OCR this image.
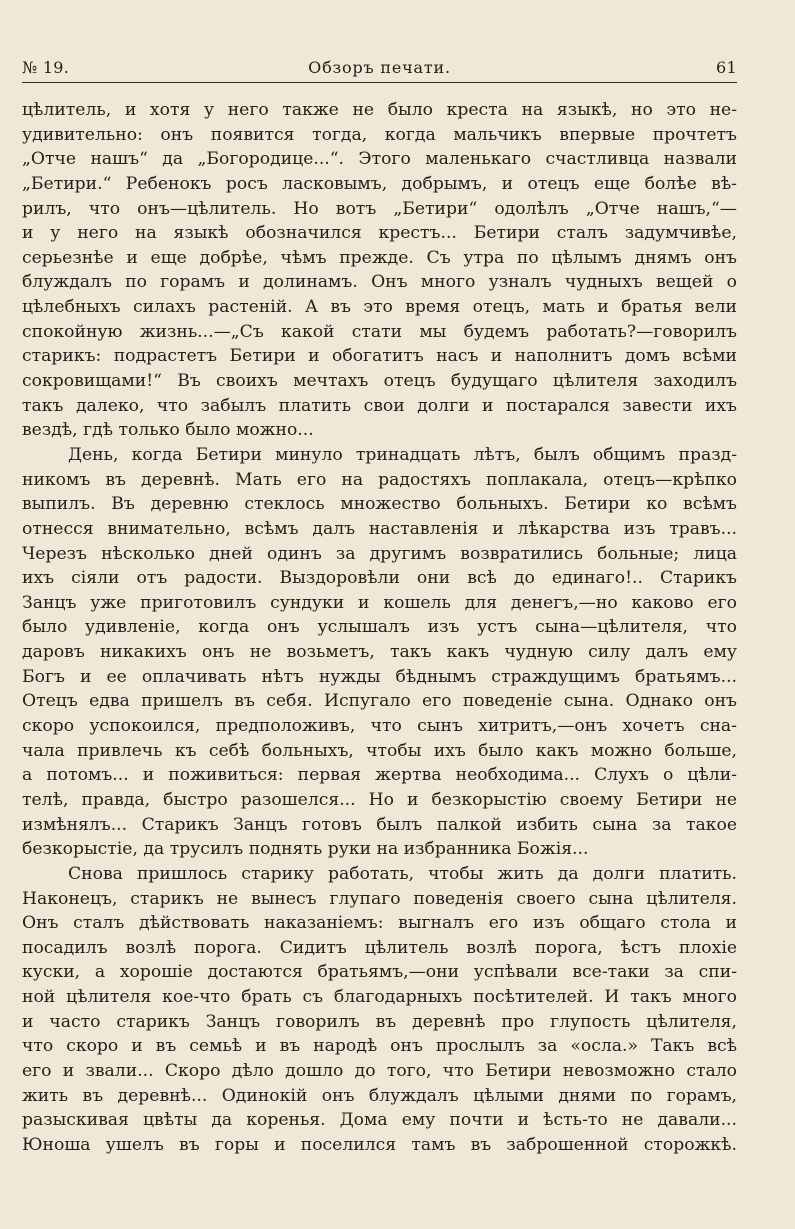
№ 19.	Обзоръ печати.	61
цѣлитель, и хотя у него также не было креста на языкѣ, но это не-
удивительно: онъ появится тогда, когда мальчикъ впервые прочтетъ
„Отче нашъ“ да „Богородице...“. Этого маленькаго счастливца назвали
„Бетири.“ Ребенокъ росъ ласковымъ, добрымъ, и отецъ еще болѣе вѣ-
рилъ, что онъ—цѣлитель. Но вотъ „Бетири“ одолѣлъ „Отче нашъ,“—
и у него на языкѣ обозначился крестъ... Бетири сталъ задумчивѣе,
серьезнѣе и еще добрѣе, чѣмъ прежде. Съ утра по цѣлымъ днямъ онъ
блуждалъ по горамъ и долинамъ. Онъ много узналъ чудныхъ вещей о
цѣлебныхъ силахъ растеній. А въ это время отецъ, мать и братья вели
спокойную жизнь...—„Съ какой стати мы будемъ работать?—говорилъ
старикъ: подрастетъ Бетири и обогатитъ насъ и наполнитъ домъ всѣми
сокровищами!“ Въ своихъ мечтахъ отецъ будущаго цѣлителя заходилъ
такъ далеко, что забылъ платить свои долги и постарался завести ихъ
вездѣ, гдѣ только было можно...
День, когда Бетири минуло тринадцать лѣтъ, былъ общимъ празд-
никомъ въ деревнѣ. Мать его на радостяхъ поплакала, отецъ—крѣпко
выпилъ. Въ деревню стеклось множество больныхъ. Бетири ко всѣмъ
отнесся внимательно, всѣмъ далъ наставленія и лѣкарства изъ травъ...
Черезъ нѣсколько дней одинъ за другимъ возвратились больные; лица
ихъ сіяли отъ радости. Выздоровѣли они всѣ до единаго!.. Старикъ
Занцъ уже приготовилъ сундуки и кошель для денегъ,—но каково его
было удивленіе, когда онъ услышалъ изъ устъ сына—цѣлителя, что
даровъ никакихъ онъ не возьметъ, такъ какъ чудную силу далъ ему
Богъ и ее оплачивать нѣтъ нужды бѣднымъ страждущимъ братьямъ...
Отецъ едва пришелъ въ себя. Испугало его поведеніе сына. Однако онъ
скоро успокоился, предположивъ, что сынъ хитритъ,—онъ хочетъ сна-
чала привлечь къ себѣ больныхъ, чтобы ихъ было какъ можно больше,
а потомъ... и поживиться: первая жертва необходима... Слухъ о цѣли-
телѣ, правда, быстро разошелся... Но и безкорыстію своему Бетири не
измѣнялъ... Старикъ Занцъ готовъ былъ палкой избить сына за такое
безкорыстіе, да трусилъ поднять руки на избранника Божія...
Снова пришлось старику работать, чтобы жить да долги платить.
Наконецъ, старикъ не вынесъ глупаго поведенія своего сына цѣлителя.
Онъ сталъ дѣйствовать наказаніемъ: выгналъ его изъ общаго стола и
посадилъ возлѣ порога. Сидитъ цѣлитель возлѣ порога, ѣстъ плохіе
куски, а хорошіе достаются братьямъ,—они успѣвали все-таки за спи-
ной цѣлителя кое-что брать съ благодарныхъ посѣтителей. И такъ много
и часто старикъ Занцъ говорилъ въ деревнѣ про глупость цѣлителя,
что скоро и въ семьѣ и въ народѣ онъ прослылъ за «осла.» Такъ всѣ
его и звали... Скоро дѣло дошло до того, что Бетири невозможно стало
жить въ деревнѣ... Одинокій онъ блуждалъ цѣлыми днями по горамъ,
разыскивая цвѣты да коренья. Дома ему почти и ѣсть-то не давали...
Юноша ушелъ въ горы и поселился тамъ въ заброшенной сторожкѣ.
